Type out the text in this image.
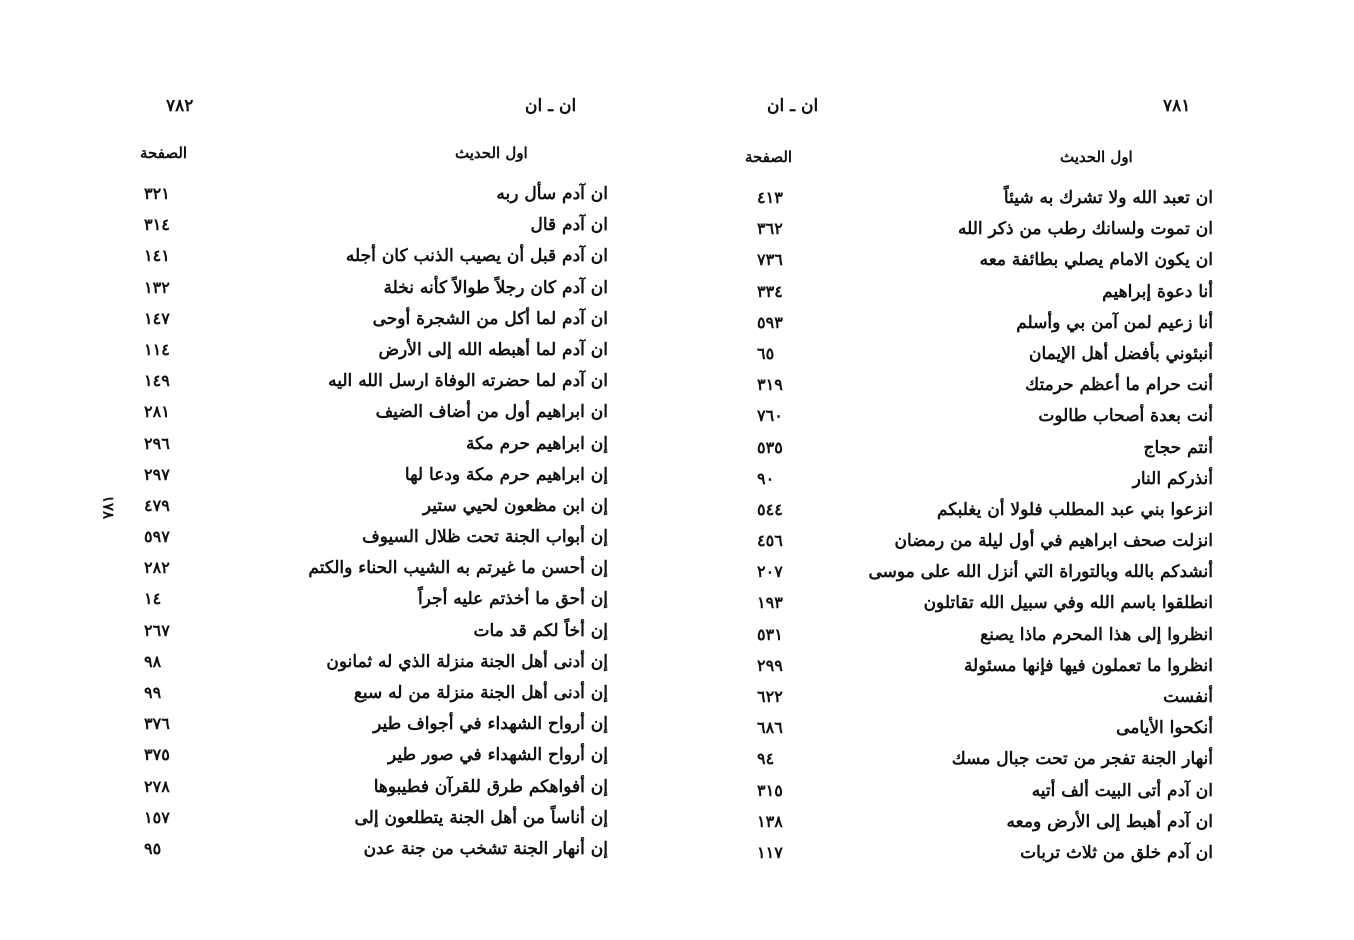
٧٨٢	ان ـ ان
اول الحديث
الصفحة
ان آدم سأل ربه
٣٢١
ان آدم قال
٣١٤
ان آدم قبل أن يصيب الذنب كان أجله
١٤١
ان آدم كان رجلاً طوالاً كأنه نخلة
١٣٢
ان آدم لما أكل من الشجرة أوحى
١٤٧
ان آدم لما أهبطه الله إلى الأرض
١١٤
ان آدم لما حضرته الوفاة ارسل الله اليه
١٤٩
ان ابراهيم أول من أضاف الضيف
٢٨١
إن ابراهيم حرم مكة
٢٩٦
إن ابراهيم حرم مكة ودعا لها
٢٩٧
إن ابن مظعون لحيي ستير
٤٧٩
إن أبواب الجنة تحت ظلال السيوف
٥٩٧
إن أحسن ما غيرتم به الشيب الحناء والكتم
٢٨٢
إن أحق ما أخذتم عليه أجراً
١٤
إن أخاً لكم قد مات
٢٦٧
إن أدنى أهل الجنة منزلة الذي له ثمانون
٩٨
إن أدنى أهل الجنة منزلة من له سبع
٩٩
إن أرواح الشهداء في أجواف طير
٣٧٦
إن أرواح الشهداء في صور طير
٣٧٥
إن أفواهكم طرق للقرآن فطيبوها
٢٧٨
إن أناساً من أهل الجنة يتطلعون إلى
١٥٧
إن أنهار الجنة تشخب من جنة عدن
٩٥
٧٨١
٧٨١
ان ـ ان
اول الحديث
الصفحة
ان تعبد الله ولا تشرك به شيئاً
٤١٣
ان تموت ولسانك رطب من ذكر الله
٣٦٢
ان يكون الامام يصلي بطائفة معه
٧٣٦
أنا دعوة إبراهيم
٣٣٤
أنا زعيم لمن آمن بي وأسلم
٥٩٣
أنبئوني بأفضل أهل الإيمان
٦٥
أنت حرام ما أعظم حرمتك
٣١٩
أنت بعدة أصحاب طالوت
٧٦٠
أنتم حجاج
٥٣٥
أنذركم النار
٩٠
انزعوا بني عبد المطلب فلولا أن يغلبكم
٥٤٤
انزلت صحف ابراهيم في أول ليلة من رمضان
٤٥٦
أنشدكم بالله وبالتوراة التي أنزل الله على موسى
٢٠٧
انطلقوا باسم الله وفي سبيل الله تقاتلون
١٩٣
انظروا إلى هذا المحرم ماذا يصنع
٥٣١
انظروا ما تعملون فيها فإنها مسئولة
٢٩٩
أنفست
٦٢٢
أنكحوا الأيامى
٦٨٦
أنهار الجنة تفجر من تحت جبال مسك
٩٤
ان آدم أتى البيت ألف أتيه
٣١٥
ان آدم أهبط إلى الأرض ومعه
١٣٨
ان آدم خلق من ثلاث تربات
١١٧
